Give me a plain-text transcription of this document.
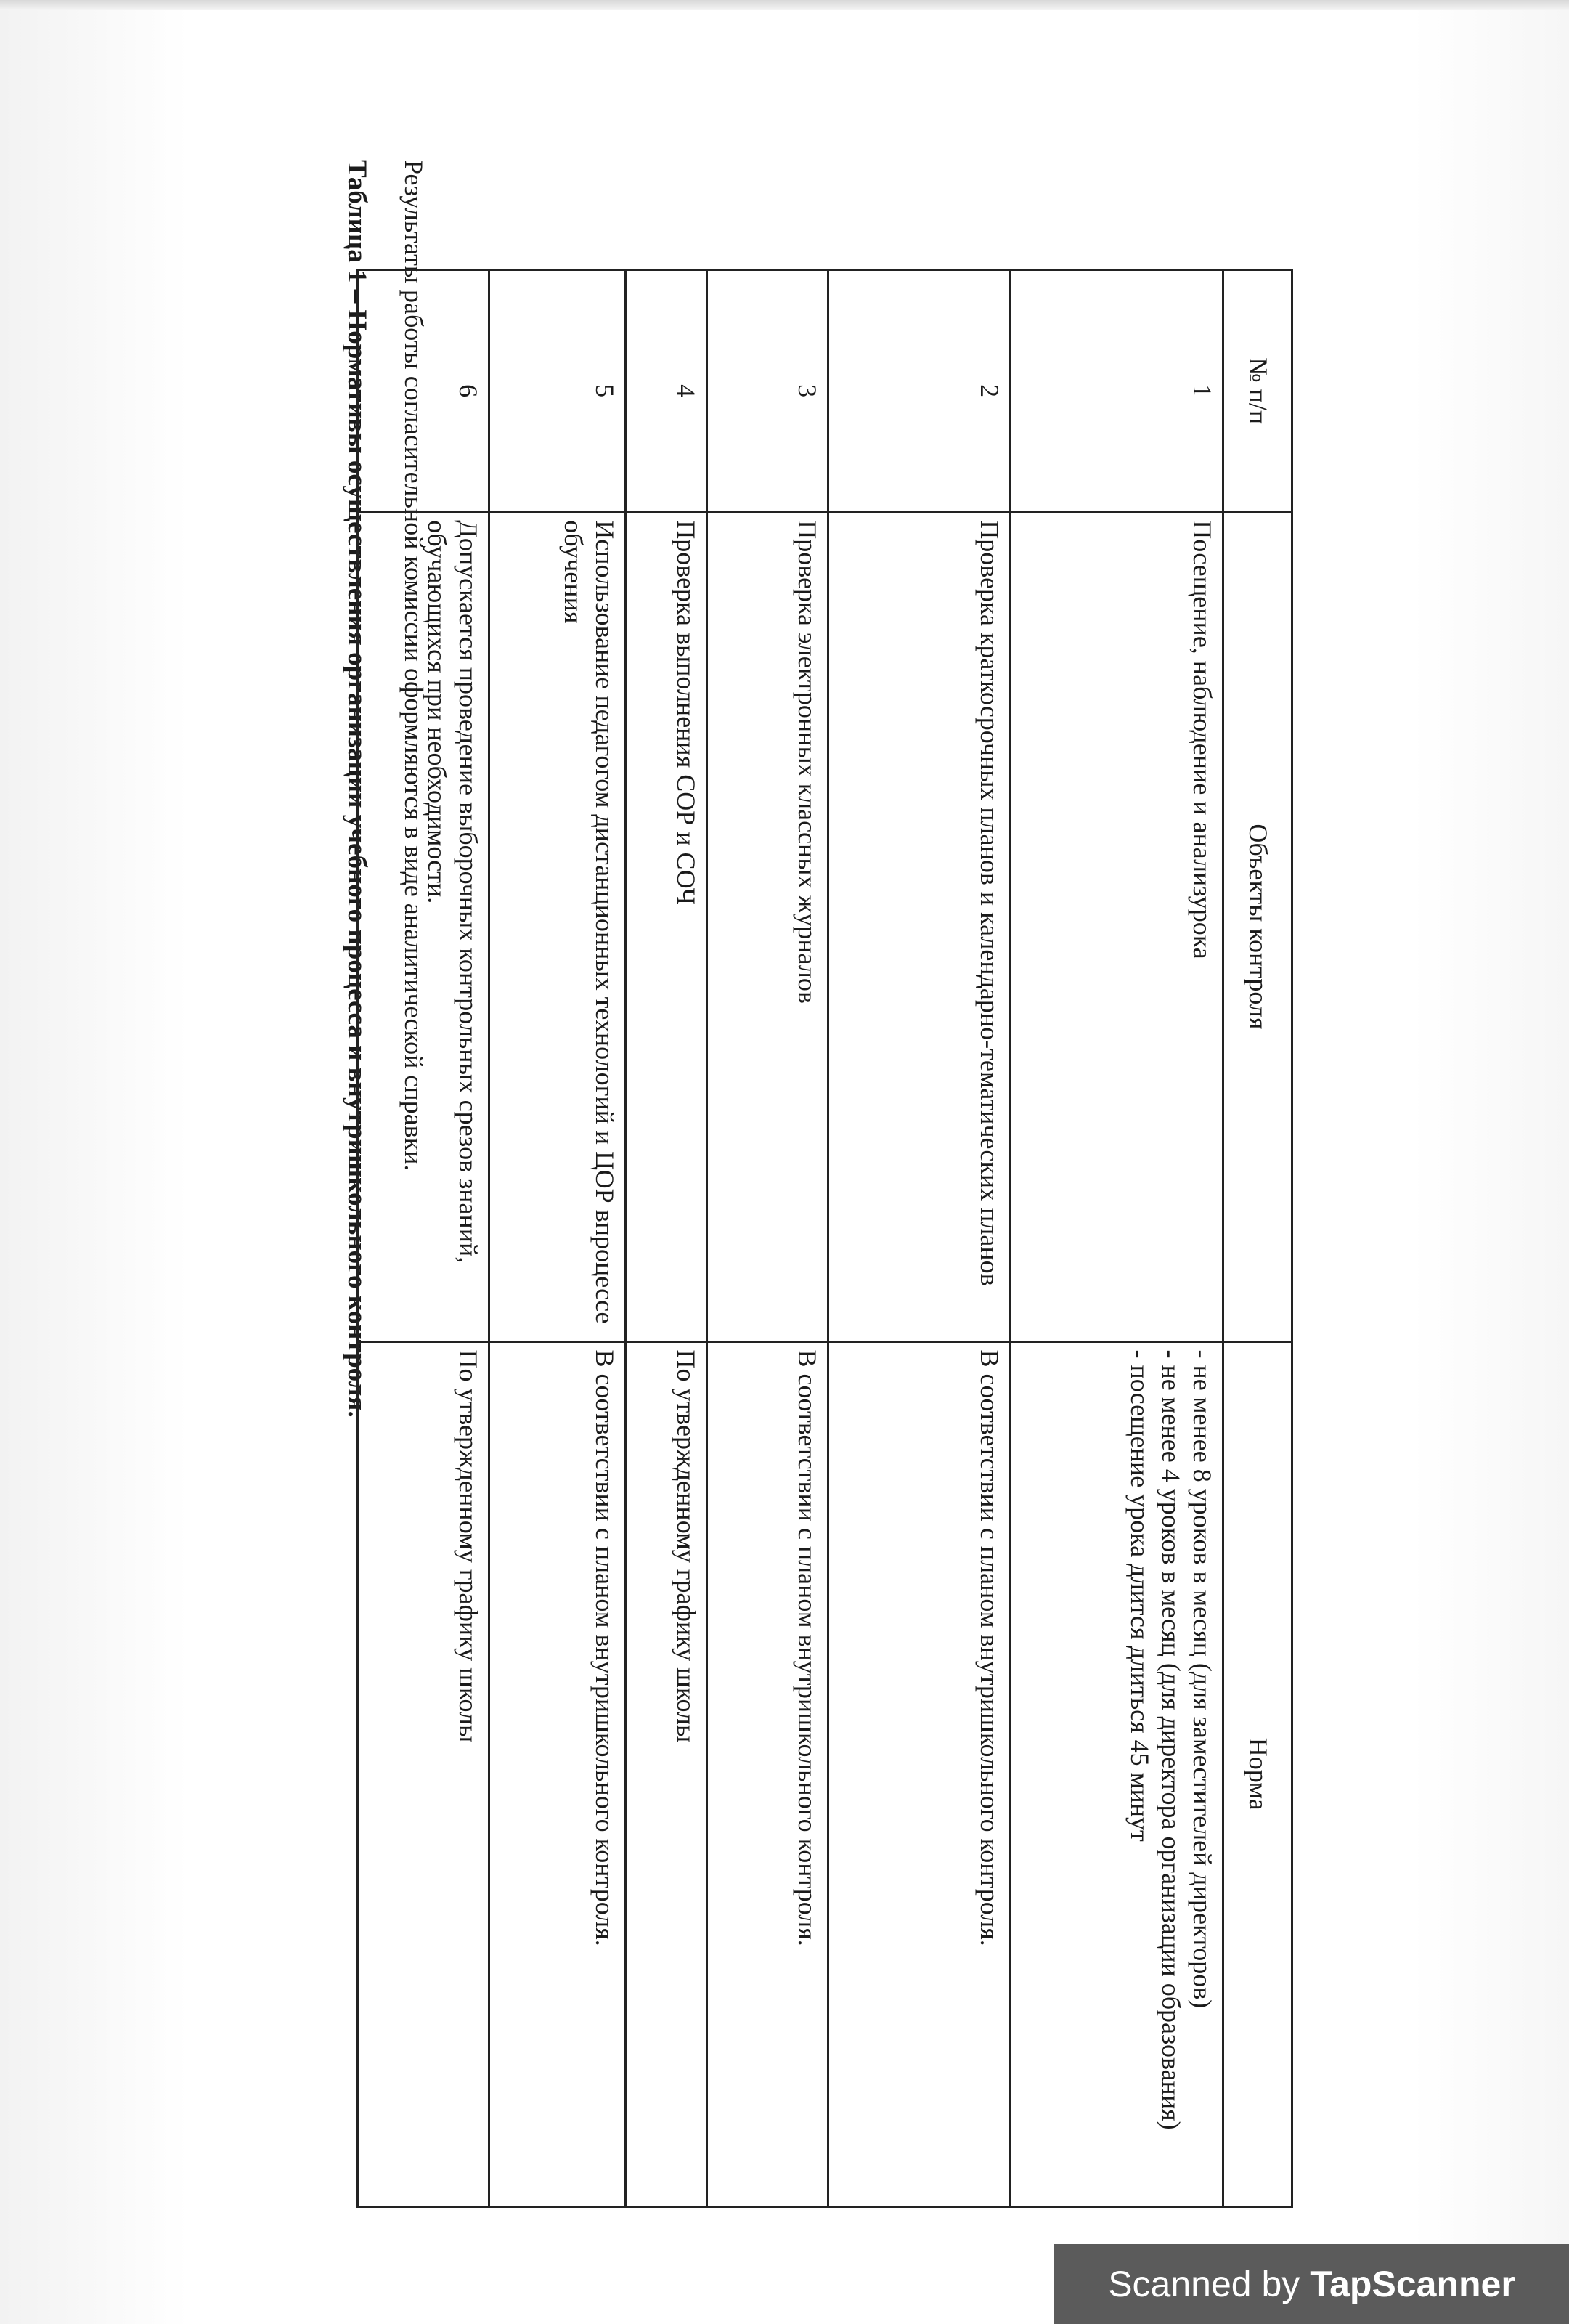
Результаты работы согласительной комиссии оформляются в виде аналитической справки.
Таблица 1 – Нормативы осуществления организации учебного процесса и внутришкольного контроля.	№ п/п	Объекты контроля	Норма
1	Посещение, наблюдение и анализурока	- не менее 8 уроков в месяц (для заместителей директоров)
- не менее 4 уроков в месяц (для директора организации образования)
- посещение урока длится длиться 45 минут

2	Проверка краткосрочных планов и календарно-тематических планов	В соответствии с планом внутришкольного контроля.
3	Проверка электронных классных журналов	В соответствии с планом внутришкольного контроля.
4	Проверка выполнения СОР и СОЧ	По утвержденному графику школы
5	Использование педагогом дистанционных технологий и ЦОР впроцессе обучения	В соответствии с планом внутришкольного контроля.
6	Допускается проведение выборочных контрольных срезов знаний, обучающихся при необходимости.	По утвержденному графику школы
Scanned by TapScanner
